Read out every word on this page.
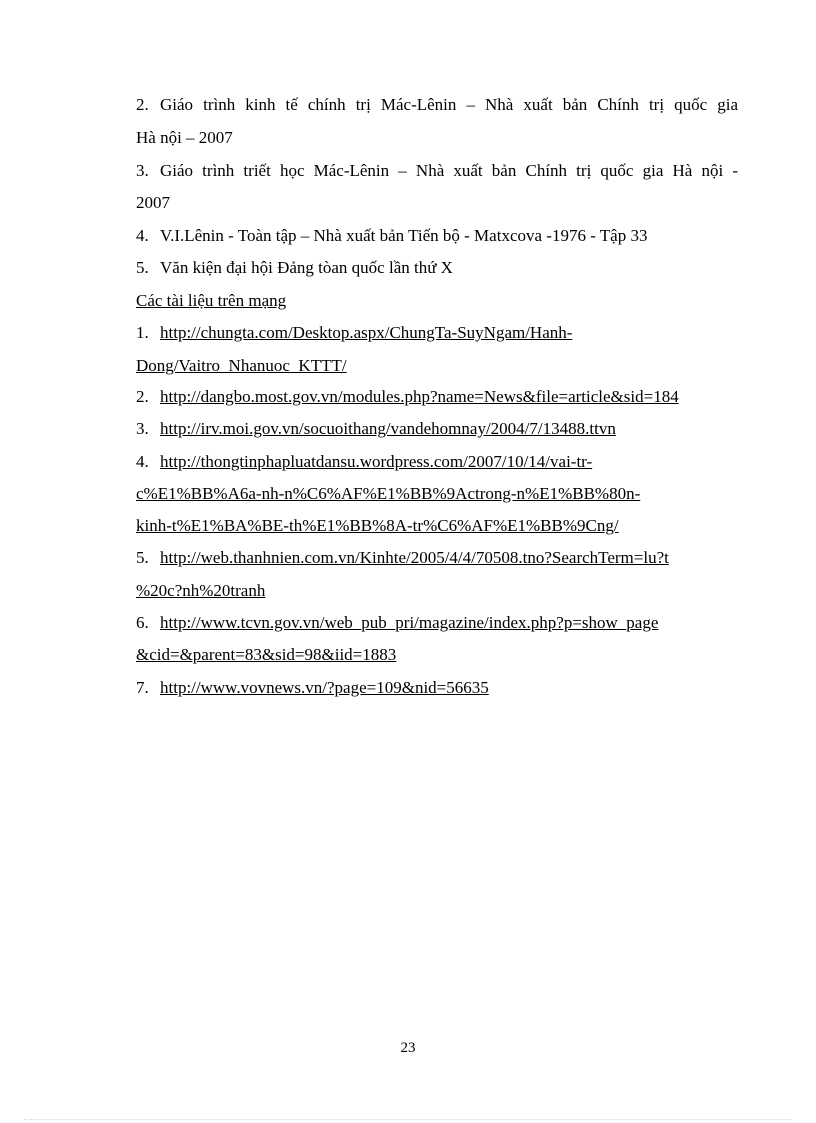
2. Giáo trình kinh tế chính trị Mác-Lênin – Nhà xuất bản Chính trị quốc gia
Hà nội – 2007
3. Giáo trình triết học Mác-Lênin – Nhà xuất bản Chính trị quốc gia Hà nội -
2007
4. V.I.Lênin - Toàn tập – Nhà xuất bản Tiến bộ - Matxcova -1976 - Tập 33
5. Văn kiện đại hội Đảng tòan quốc lần thứ X
Các tài liệu trên mạng
1. http://chungta.com/Desktop.aspx/ChungTa-SuyNgam/Hanh-
Dong/Vaitro_Nhanuoc_KTTT/
2. http://dangbo.most.gov.vn/modules.php?name=News&file=article&sid=184
3. http://irv.moi.gov.vn/socuoithang/vandehomnay/2004/7/13488.ttvn
4. http://thongtinphapluatdansu.wordpress.com/2007/10/14/vai-tr-
c%E1%BB%A6a-nh-n%C6%AF%E1%BB%9Actrong-n%E1%BB%80n-
kinh-t%E1%BA%BE-th%E1%BB%8A-tr%C6%AF%E1%BB%9Cng/
5. http://web.thanhnien.com.vn/Kinhte/2005/4/4/70508.tno?SearchTerm=lu?t
%20c?nh%20tranh
6. http://www.tcvn.gov.vn/web_pub_pri/magazine/index.php?p=show_page
&cid=&parent=83&sid=98&iid=1883
7. http://www.vovnews.vn/?page=109&nid=56635
23
